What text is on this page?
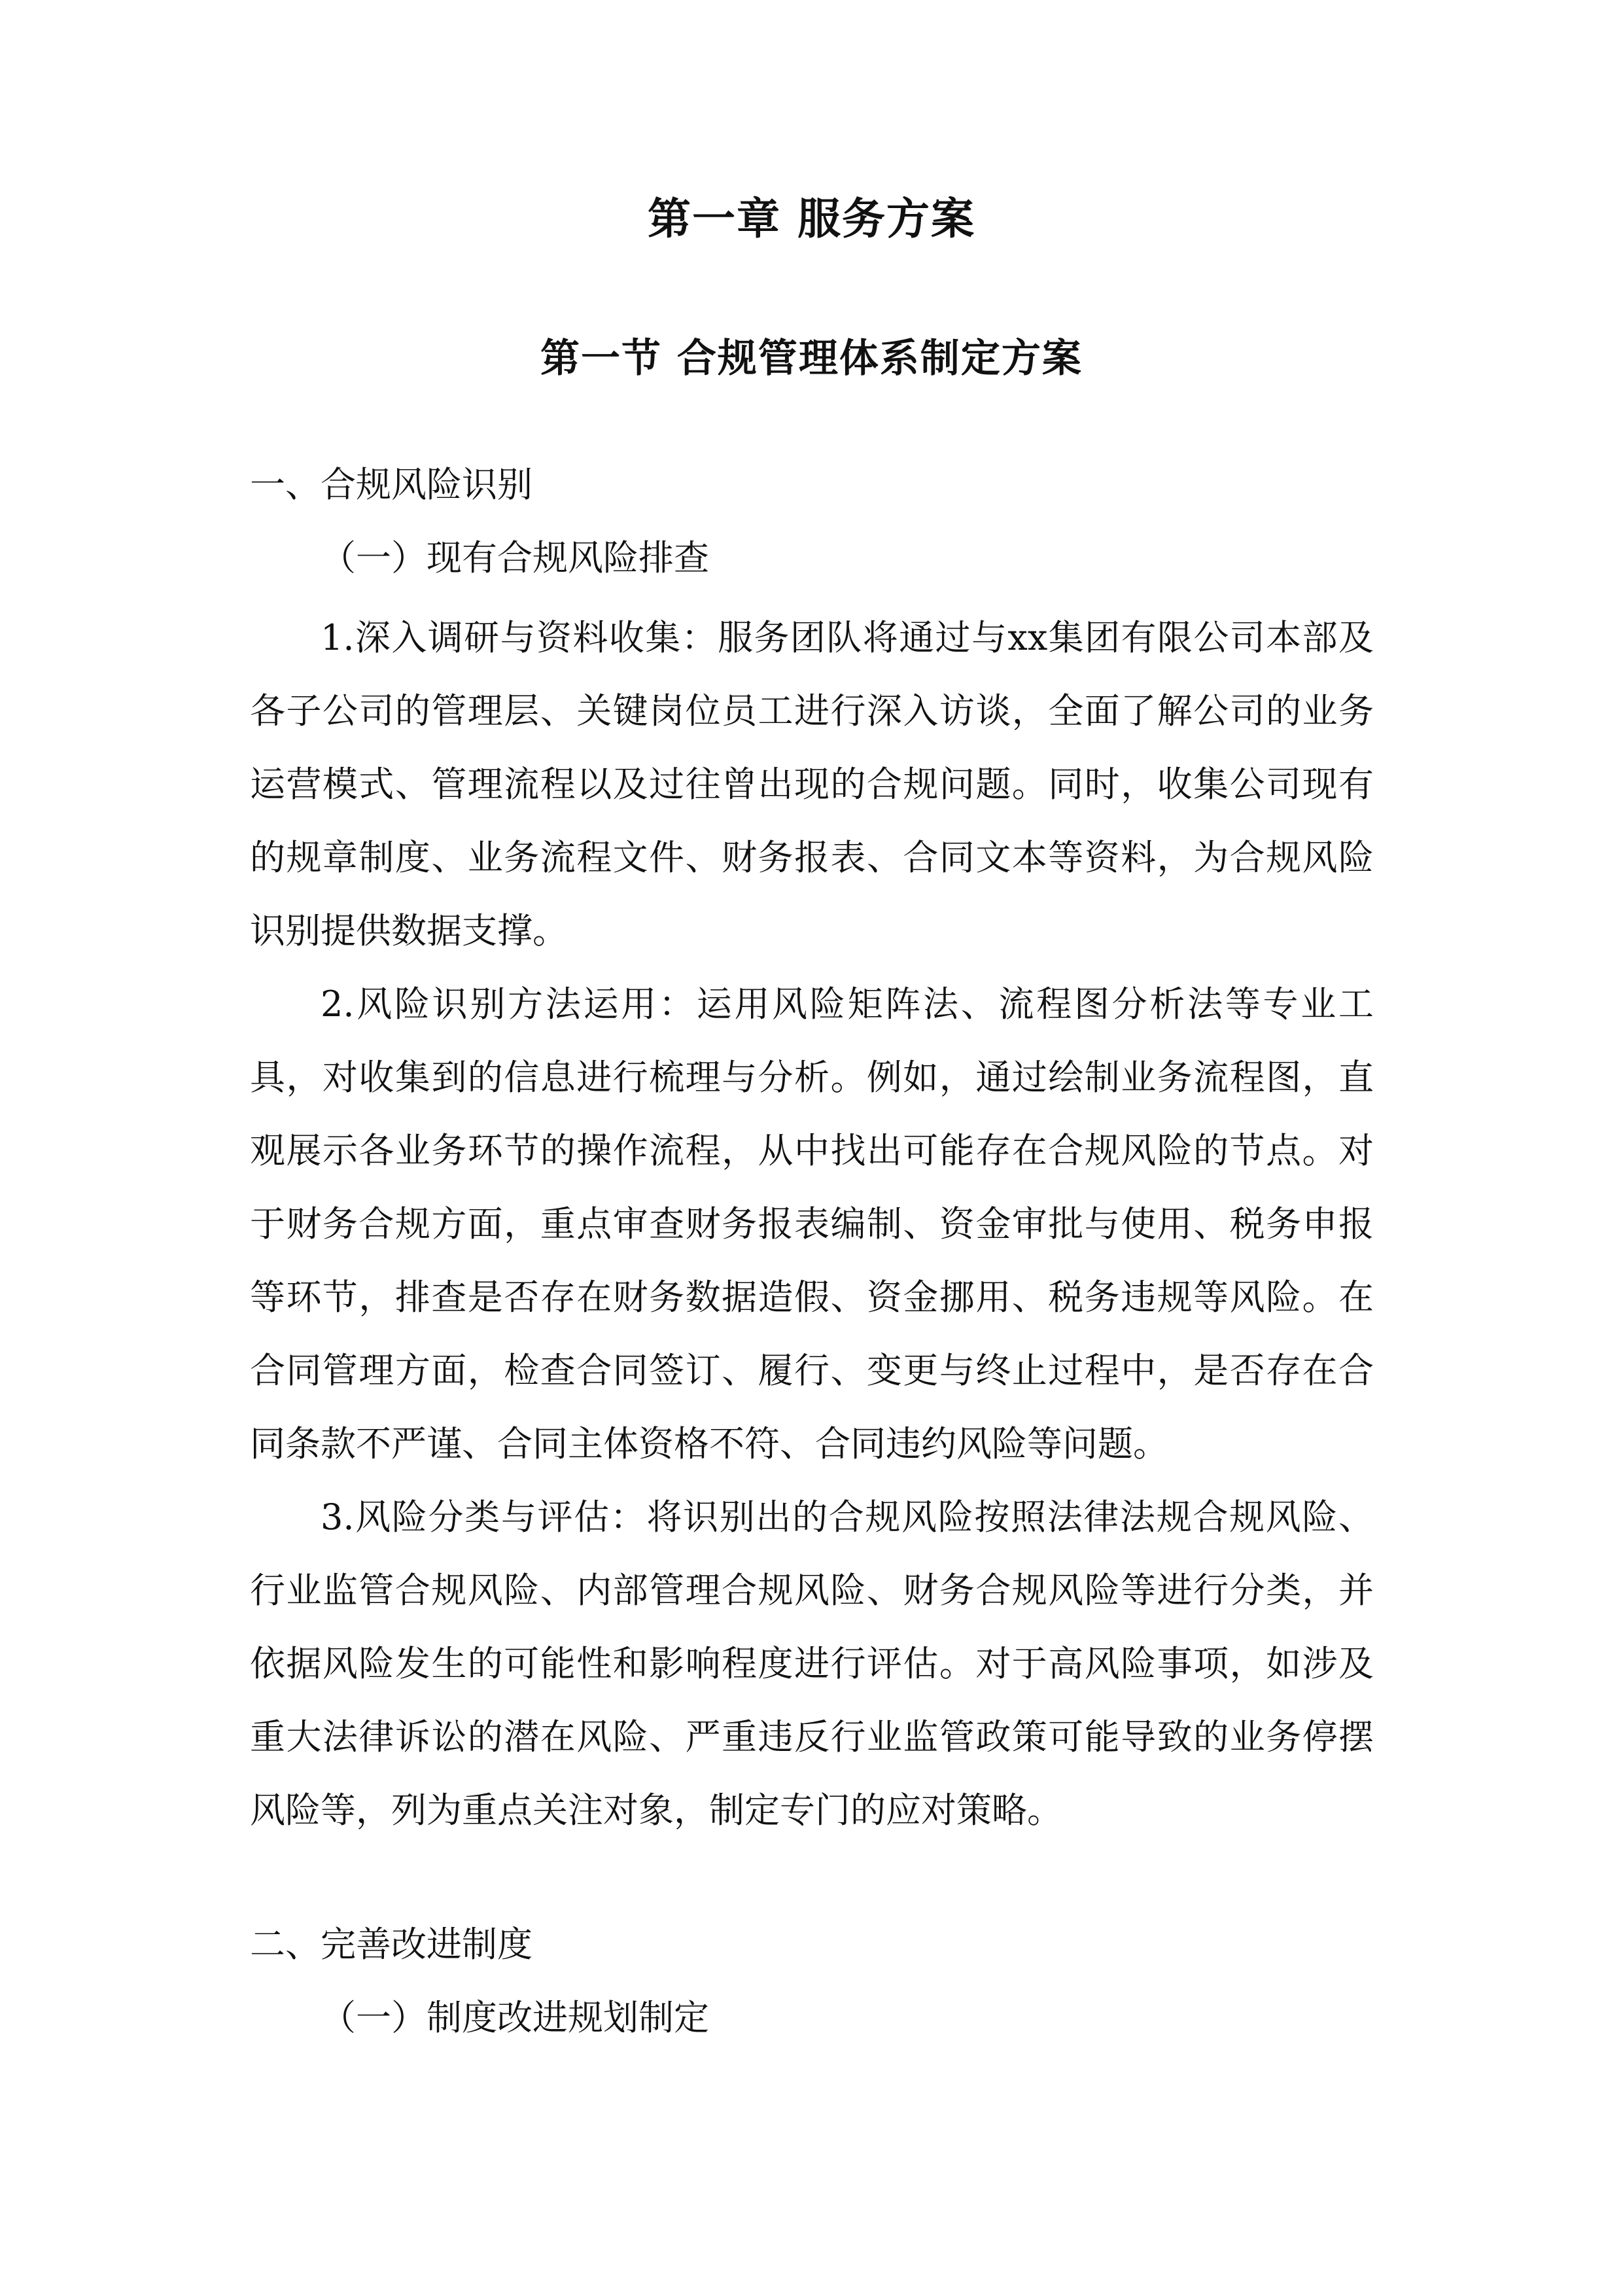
第一章 服务方案
第一节 合规管理体系制定方案
一、合规风险识别
（一）现有合规风险排查

1.深入调研与资料收集：服务团队将通过与xx集团有限公司本部及各子公司的管理层、关键岗位员工进行深入访谈，全面了解公司的业务运营模式、管理流程以及过往曾出现的合规问题。同时，收集公司现有的规章制度、业务流程文件、财务报表、合同文本等资料，为合规风险识别提供数据支撑。

2.风险识别方法运用：运用风险矩阵法、流程图分析法等专业工具，对收集到的信息进行梳理与分析。例如，通过绘制业务流程图，直观展示各业务环节的操作流程，从中找出可能存在合规风险的节点。对于财务合规方面，重点审查财务报表编制、资金审批与使用、税务申报等环节，排查是否存在财务数据造假、资金挪用、税务违规等风险。在合同管理方面，检查合同签订、履行、变更与终止过程中，是否存在合同条款不严谨、合同主体资格不符、合同违约风险等问题。

3.风险分类与评估：将识别出的合规风险按照法律法规合规风险、行业监管合规风险、内部管理合规风险、财务合规风险等进行分类，并依据风险发生的可能性和影响程度进行评估。对于高风险事项，如涉及重大法律诉讼的潜在风险、严重违反行业监管政策可能导致的业务停摆风险等，列为重点关注对象，制定专门的应对策略。

二、完善改进制度
（一）制度改进规划制定
